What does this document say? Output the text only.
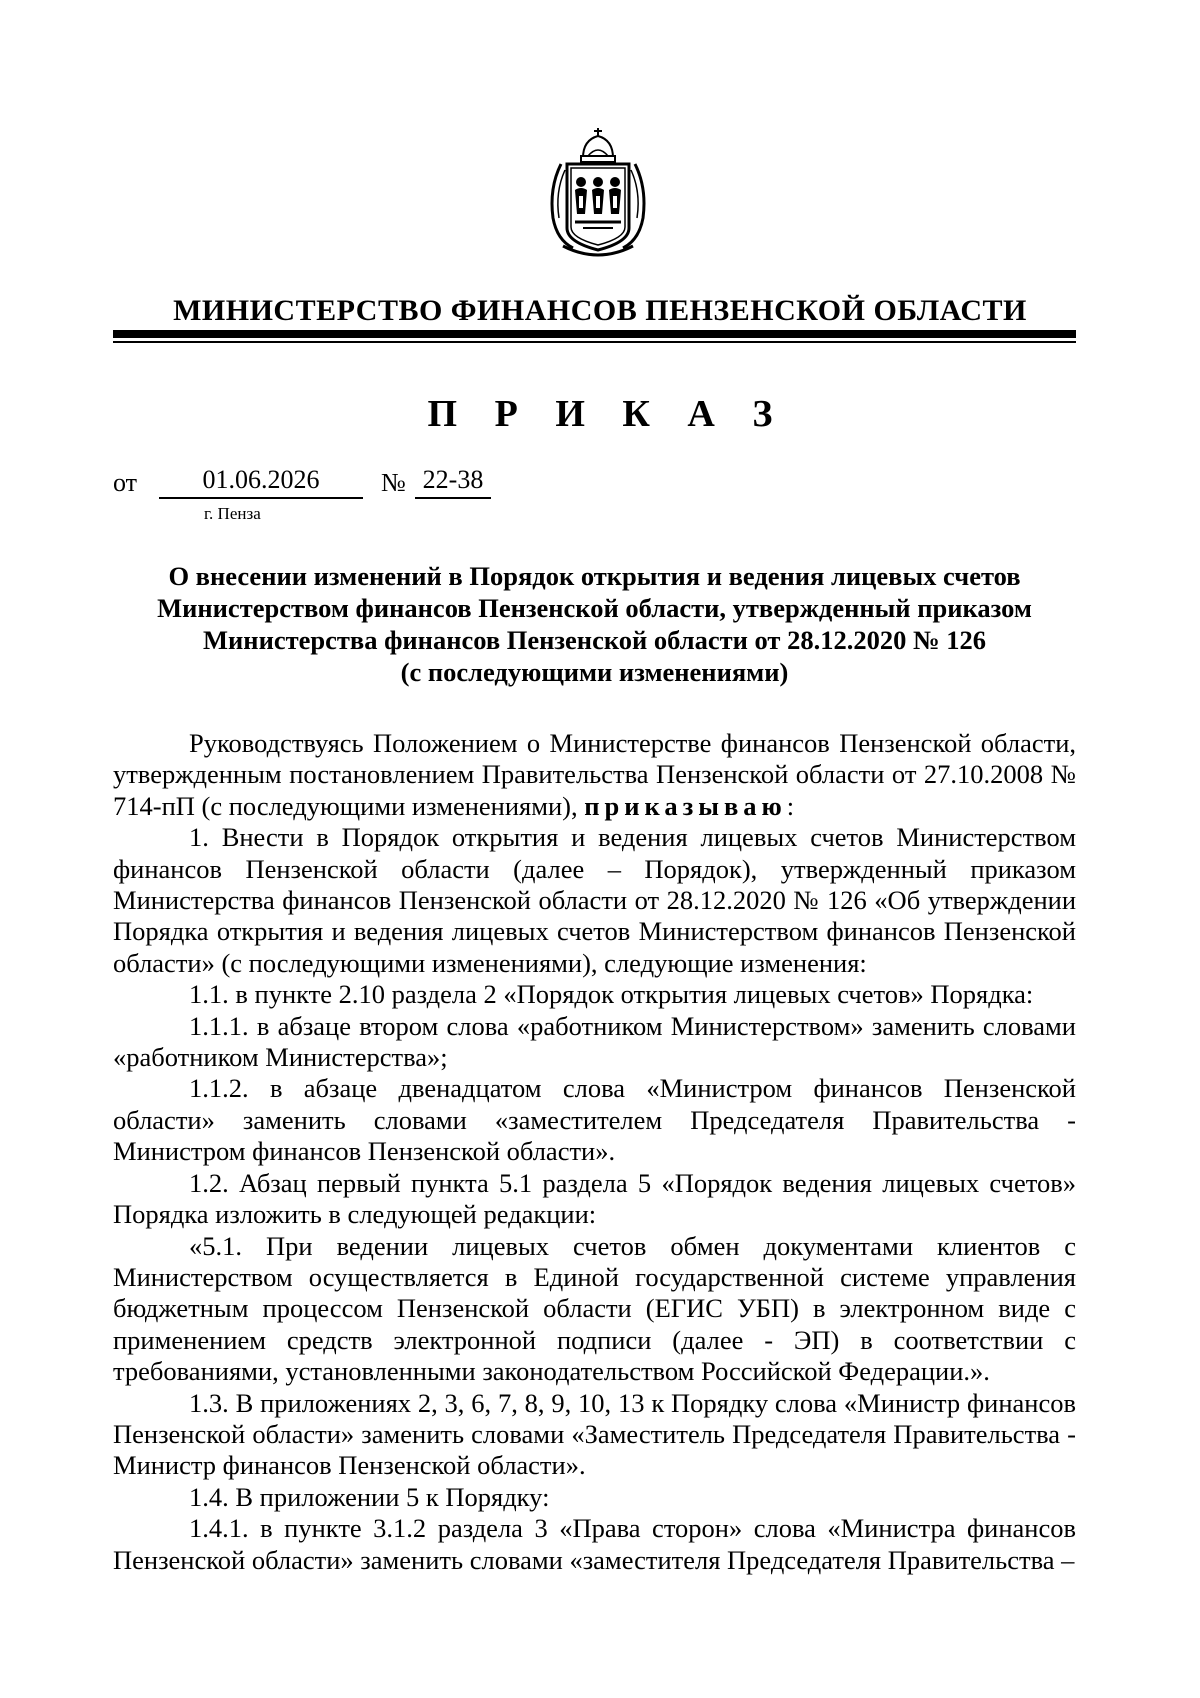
МИНИСТЕРСТВО ФИНАНСОВ ПЕНЗЕНСКОЙ ОБЛАСТИ
П Р И К А З
от	01.06.2026	№ 22-38
г. Пенза
О внесении изменений в Порядок открытия и ведения лицевых счетов
Министерством финансов Пензенской области, утвержденный приказом
Министерства финансов Пензенской области от 28.12.2020 № 126
(с последующими изменениями)

Руководствуясь Положением о Министерстве финансов Пензенской области, утвержденным постановлением Правительства Пензенской области от 27.10.2008 № 714-пП (с последующими изменениями), приказываю:

1. Внести в Порядок открытия и ведения лицевых счетов Министерством финансов Пензенской области (далее – Порядок), утвержденный приказом Министерства финансов Пензенской области от 28.12.2020 № 126 «Об утверждении Порядка открытия и ведения лицевых счетов Министерством финансов Пензенской области» (с последующими изменениями), следующие изменения:

1.1. в пункте 2.10 раздела 2 «Порядок открытия лицевых счетов» Порядка:

1.1.1. в абзаце втором слова «работником Министерством» заменить словами «работником Министерства»;

1.1.2. в абзаце двенадцатом слова «Министром финансов Пензенской области» заменить словами «заместителем Председателя Правительства - Министром финансов Пензенской области».

1.2. Абзац первый пункта 5.1 раздела 5 «Порядок ведения лицевых счетов» Порядка изложить в следующей редакции:

«5.1. При ведении лицевых счетов обмен документами клиентов с Министерством осуществляется в Единой государственной системе управления бюджетным процессом Пензенской области (ЕГИС УБП) в электронном виде с применением средств электронной подписи (далее - ЭП) в соответствии с требованиями, установленными законодательством Российской Федерации.».

1.3. В приложениях 2, 3, 6, 7, 8, 9, 10, 13 к Порядку слова «Министр финансов Пензенской области» заменить словами «Заместитель Председателя Правительства - Министр финансов Пензенской области».

1.4. В приложении 5 к Порядку:

1.4.1. в пункте 3.1.2 раздела 3 «Права сторон» слова «Министра финансов Пензенской области» заменить словами «заместителя Председателя Правительства –
